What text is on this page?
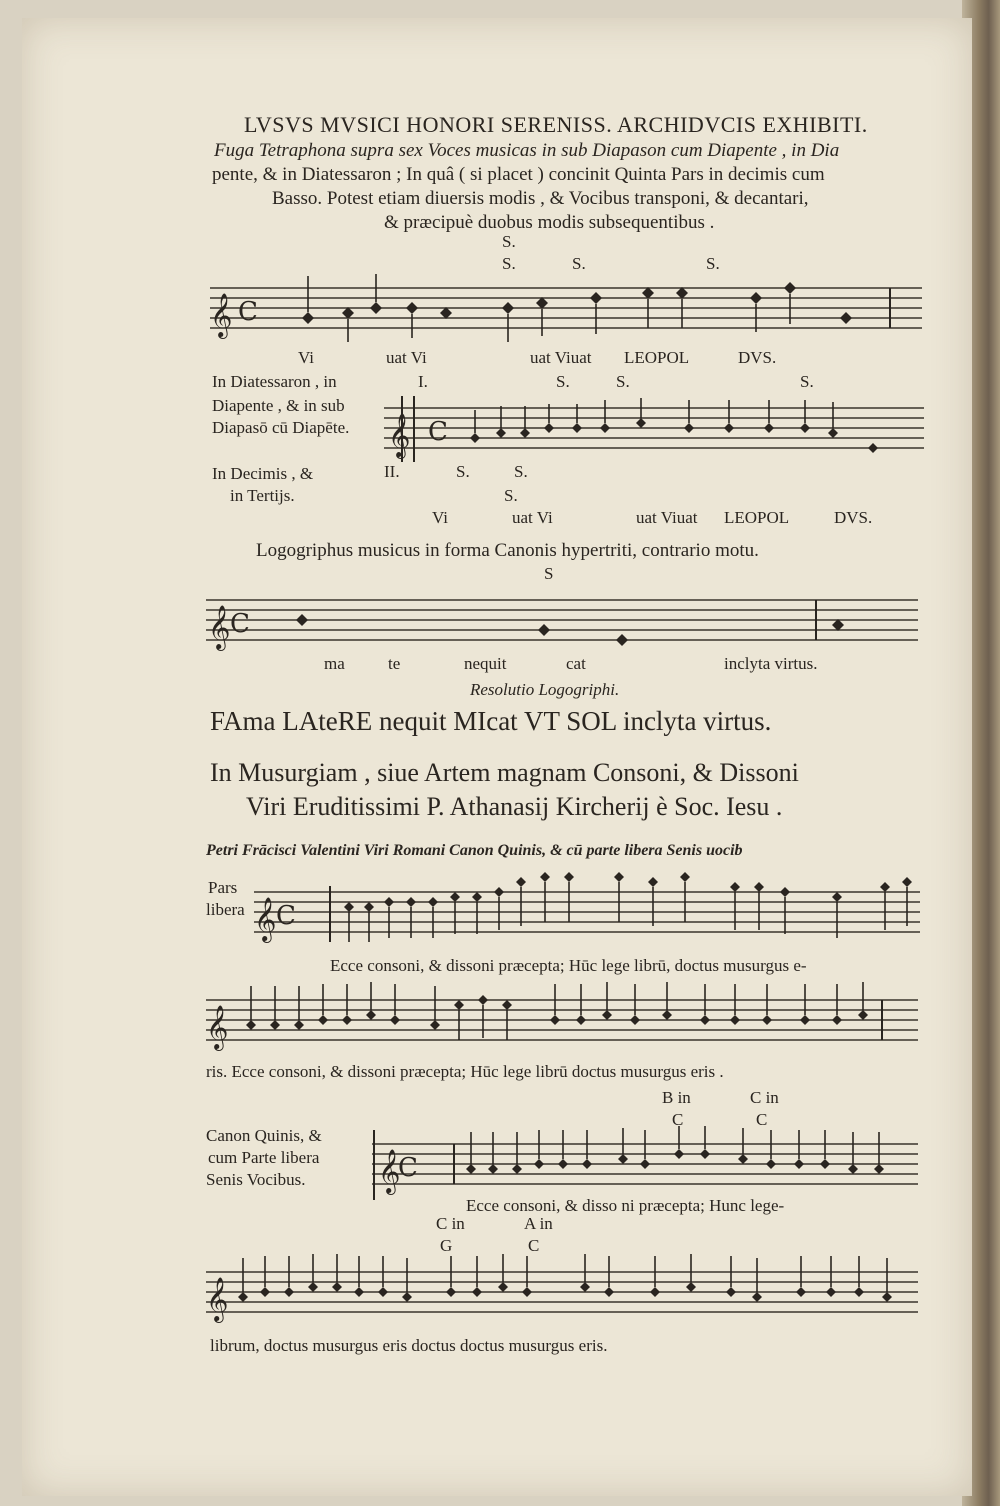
LVSVS MVSICI HONORI SERENISS. ARCHIDVCIS EXHIBITI.
Fuga Tetraphona supra sex Voces musicas in sub Diapason cum Diapente , in Dia
pente, & in Diatessaron ; In quâ ( si placet ) concinit Quinta Pars in decimis cum
Basso. Potest etiam diuersis modis , & Vocibus transponi, & decantari,
& præcipuè duobus modis subsequentibus .
S.
S.	S.	S.
𝄞 C
Vi	uat Vi	uat Viuat LEOPOL	DVS.
In Diatessaron , in
Diapente , & in sub
Diapasō cū Diapēte.
I.	S.	S.	S.
𝄞 C
In Decimis , &
in Tertijs.
II.	S.	S.
S.
Vi	uat Vi	uat Viuat LEOPOL	DVS.
Logogriphus musicus in forma Canonis hypertriti, contrario motu.
S
𝄞 C
ma	te	nequit	cat	inclyta virtus.
Resolutio Logogriphi.
FAma LAteRE nequit MIcat VT SOL inclyta virtus.
In Musurgiam , siue Artem magnam Consoni, & Dissoni
Viri Eruditissimi P. Athanasij Kircherij è Soc. Iesu .
Petri Frācisci Valentini Viri Romani Canon Quinis, & cū parte libera Senis uocib
Pars
libera 𝄞 C
Ecce consoni, & dissoni præcepta; Hūc lege librū, doctus musurgus e-
𝄞
ris. Ecce consoni, & dissoni præcepta; Hūc lege librū doctus musurgus eris .
B in
C
C in
C
Canon Quinis, &
cum Parte libera
Senis Vocibus. 𝄞
C
Ecce consoni, & disso ni præcepta; Hunc lege-
C in
G
A in
C
𝄞
librum, doctus musurgus eris doctus doctus musurgus eris.
